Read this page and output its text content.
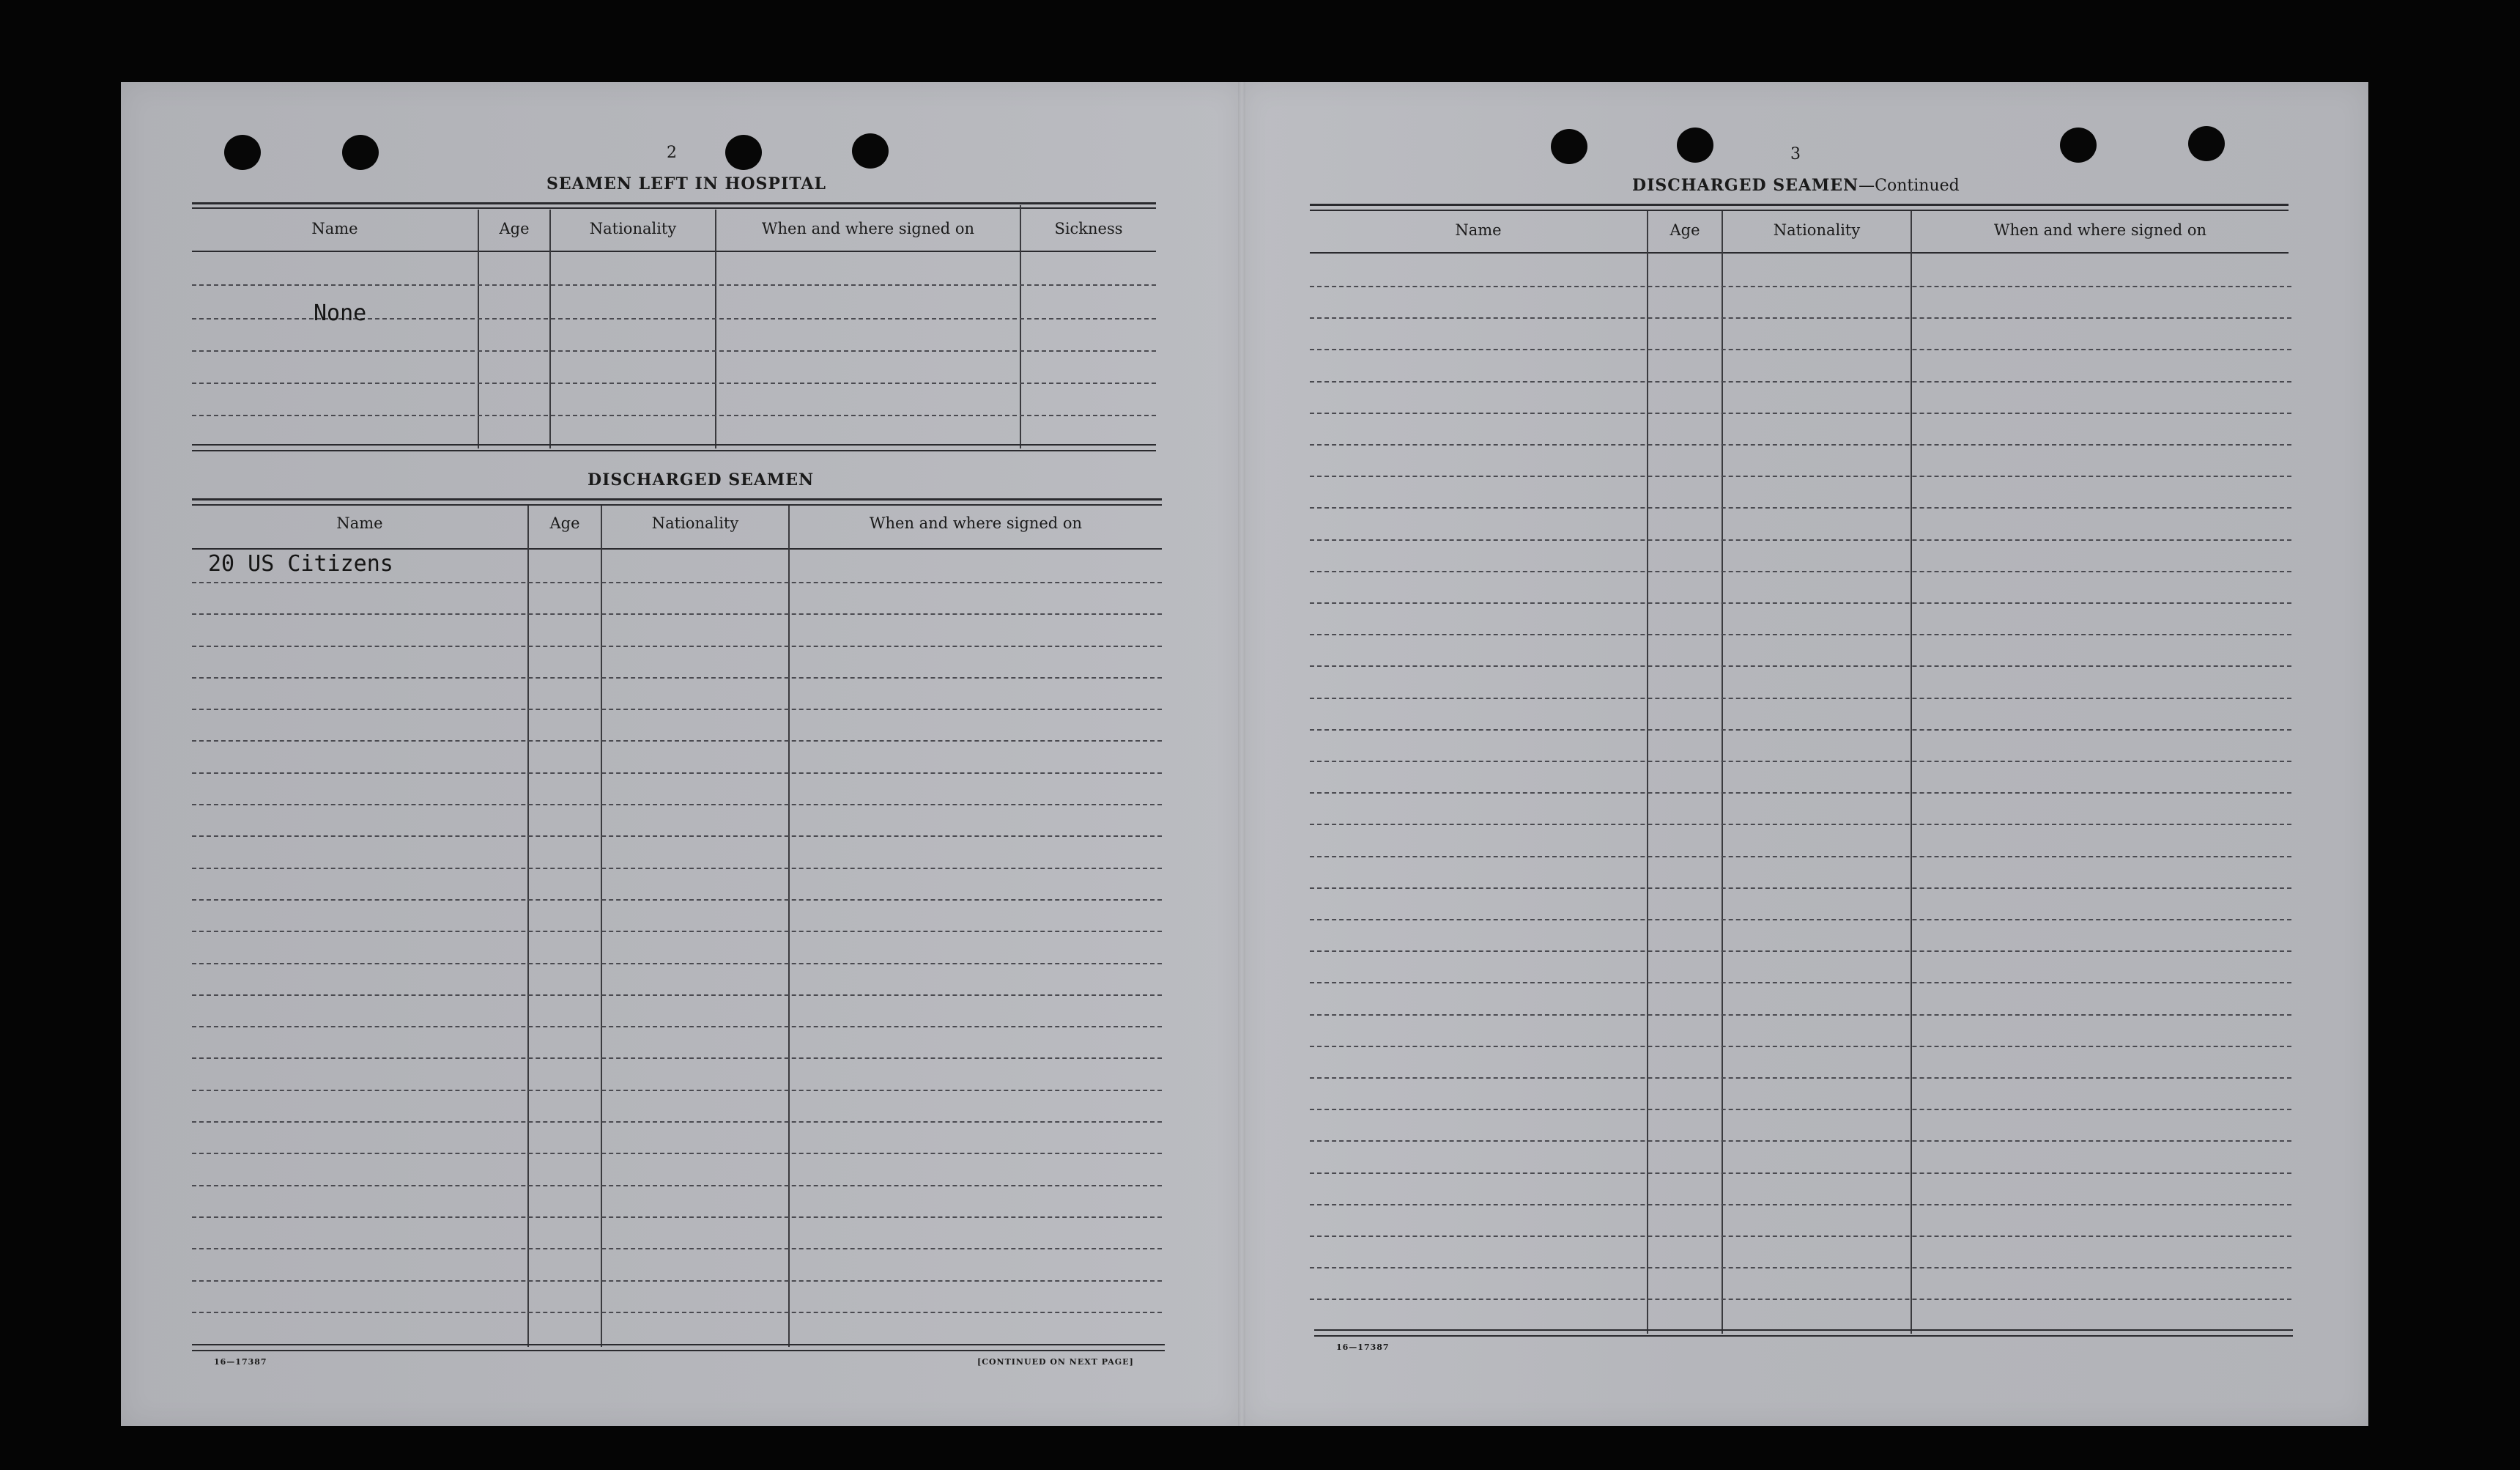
2
SEAMEN LEFT IN HOSPITAL
Name	Age	Nationality	When and where signed on	Sickness
None
DISCHARGED SEAMEN
Name	Age	Nationality	When and where signed on
20 US Citizens
16—17387	[CONTINUED ON NEXT PAGE]
3
DISCHARGED SEAMEN—Continued
Name	Age	Nationality	When and where signed on
16—17387
